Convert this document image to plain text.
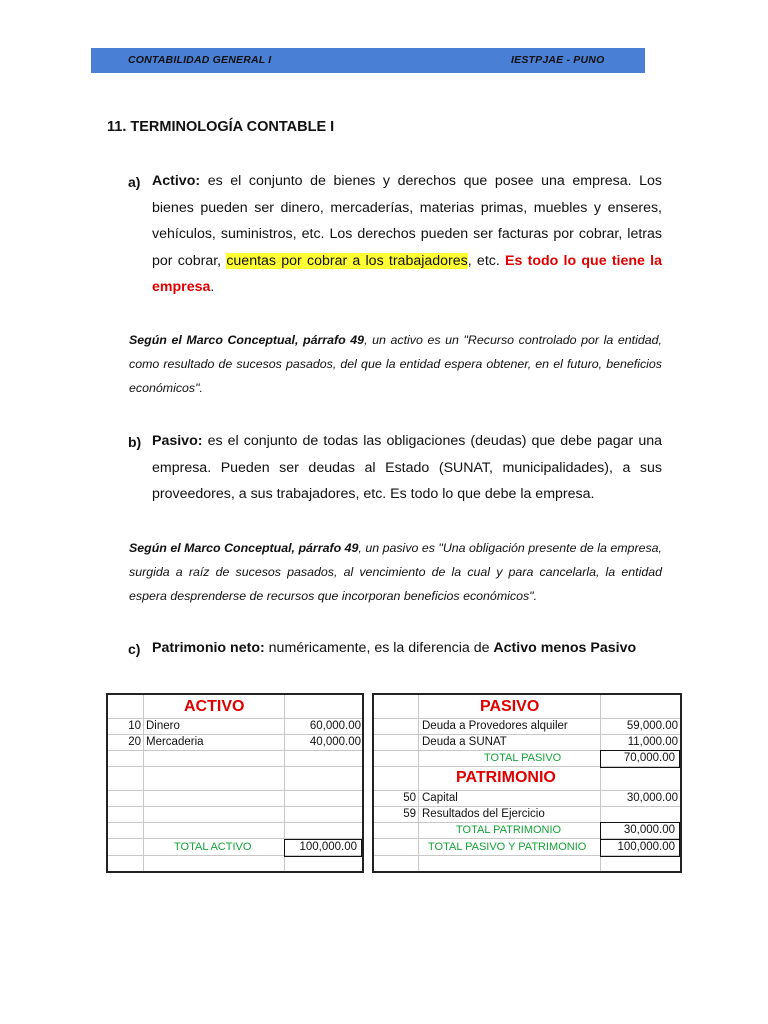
CONTABILIDAD GENERAL I	IESTPJAE - PUNO
11. TERMINOLOGÍA CONTABLE I
a) Activo: es el conjunto de bienes y derechos que posee una empresa. Los bienes pueden ser dinero, mercaderías, materias primas, muebles y enseres, vehículos, suministros, etc. Los derechos pueden ser facturas por cobrar, letras por cobrar, cuentas por cobrar a los trabajadores, etc. Es todo lo que tiene la empresa.
Según el Marco Conceptual, párrafo 49, un activo es un "Recurso controlado por la entidad, como resultado de sucesos pasados, del que la entidad espera obtener, en el futuro, beneficios económicos".
b) Pasivo: es el conjunto de todas las obligaciones (deudas) que debe pagar una empresa. Pueden ser deudas al Estado (SUNAT, municipalidades), a sus proveedores, a sus trabajadores, etc. Es todo lo que debe la empresa.
Según el Marco Conceptual, párrafo 49, un pasivo es "Una obligación presente de la empresa, surgida a raíz de sucesos pasados, al vencimiento de la cual y para cancelarla, la entidad espera desprenderse de recursos que incorporan beneficios económicos".
c) Patrimonio neto: numéricamente, es la diferencia de Activo menos Pasivo
ACTIVO
10 Dinero	60,000.00
20 Mercaderia	40,000.00
TOTAL ACTIVO	100,000.00
PASIVO
Deuda a Provedores alquiler	59,000.00
Deuda a SUNAT	11,000.00
TOTAL PASIVO	70,000.00
PATRIMONIO
50 Capital	30,000.00
59 Resultados del Ejercicio
TOTAL PATRIMONIO	30,000.00
TOTAL PASIVO Y PATRIMONIO	100,000.00
